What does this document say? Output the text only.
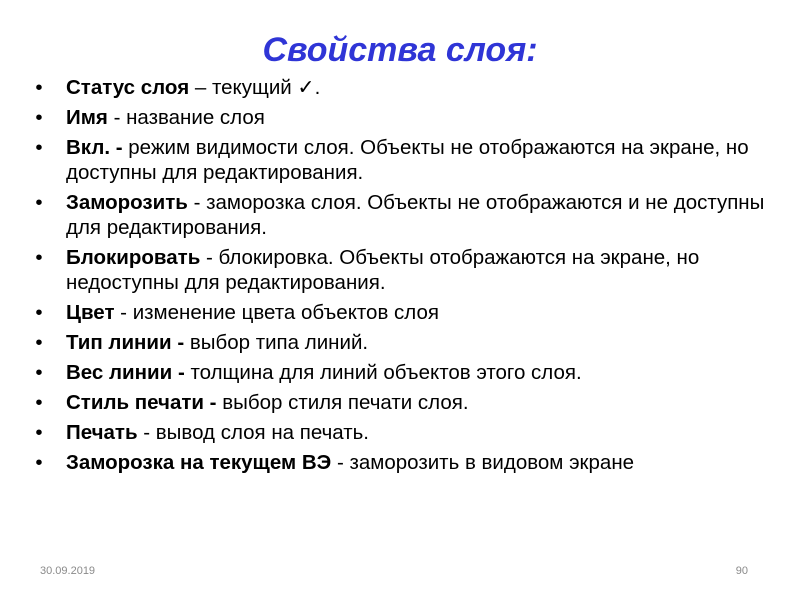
Свойства слоя:
• Статус слоя – текущий ✓.
• Имя - название слоя
• Вкл. - режим видимости слоя. Объекты не отображаются на экране, но доступны для редактирования.
• Заморозить - заморозка слоя. Объекты не отображаются и не доступны для редактирования.
• Блокировать - блокировка. Объекты отображаются на экране, но недоступны для редактирования.
• Цвет - изменение цвета объектов слоя
• Тип линии - выбор типа линий.
• Вес линии - толщина для линий объектов этого слоя.
• Стиль печати - выбор стиля печати слоя.
• Печать - вывод слоя на печать.
• Заморозка на текущем ВЭ - заморозить в видовом экране
30.09.2019	90
